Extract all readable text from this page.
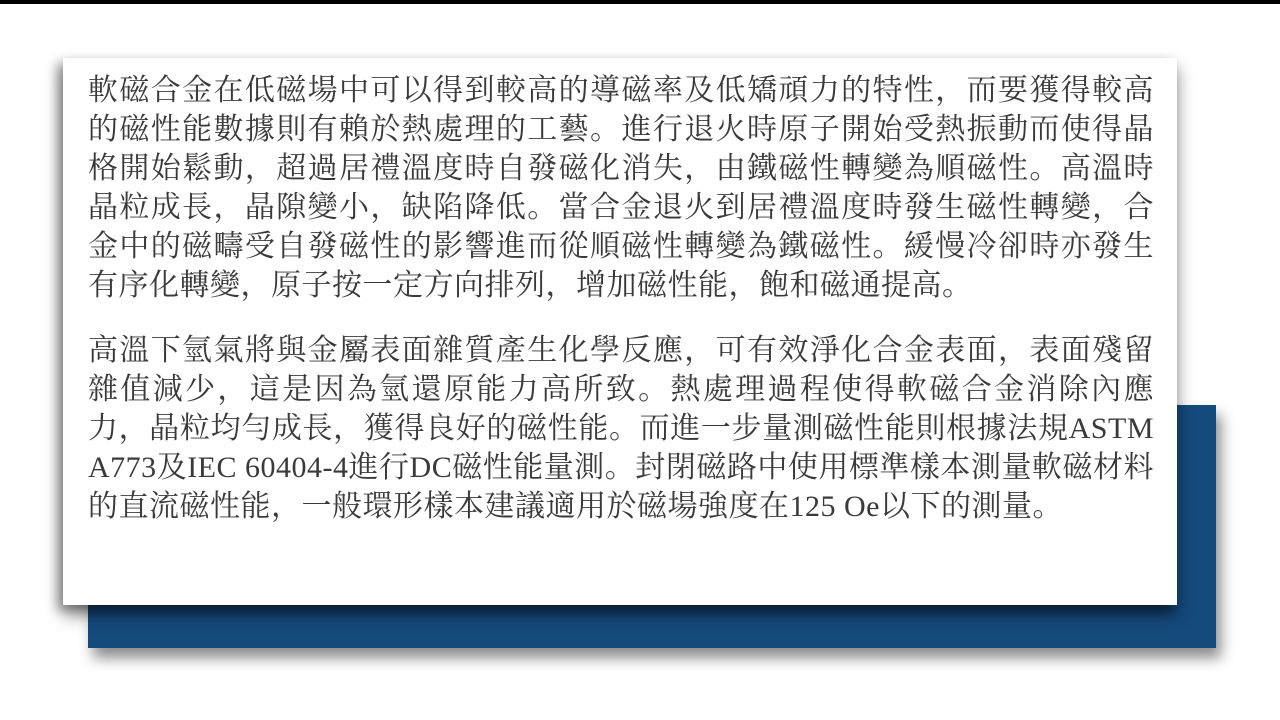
軟磁合金在低磁場中可以得到較高的導磁率及低矯頑力的特性，而要獲得較高的磁性能數據則有賴於熱處理的工藝。進行退火時原子開始受熱振動而使得晶格開始鬆動，超過居禮溫度時自發磁化消失，由鐵磁性轉變為順磁性。高溫時晶粒成長，晶隙變小，缺陷降低。當合金退火到居禮溫度時發生磁性轉變，合金中的磁疇受自發磁性的影響進而從順磁性轉變為鐵磁性。緩慢冷卻時亦發生有序化轉變，原子按一定方向排列，增加磁性能，飽和磁通提高。

高溫下氫氣將與金屬表面雜質產生化學反應，可有效淨化合金表面，表面殘留雜值減少，這是因為氫還原能力高所致。熱處理過程使得軟磁合金消除內應力，晶粒均勻成長，獲得良好的磁性能。而進一步量測磁性能則根據法規ASTM A773及IEC 60404-4進行DC磁性能量測。封閉磁路中使用標準樣本測量軟磁材料的直流磁性能，一般環形樣本建議適用於磁場強度在125 Oe以下的測量。
